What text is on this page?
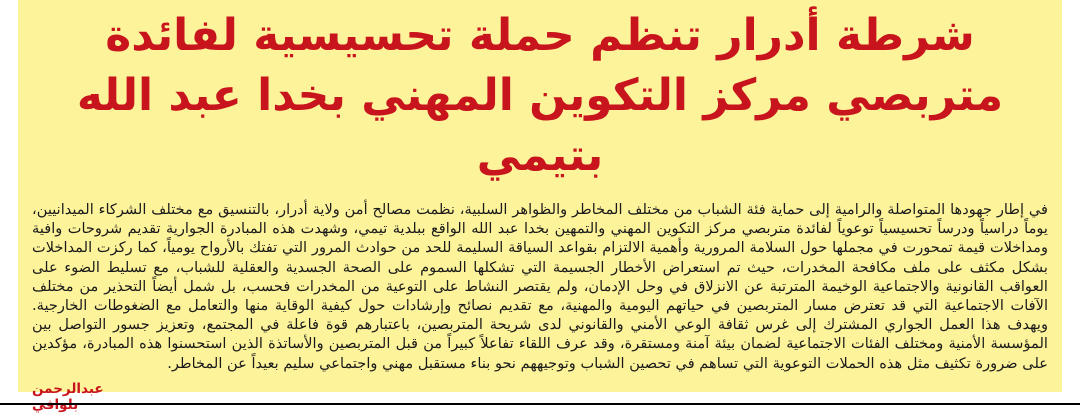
شرطة أدرار تنظم حملة تحسيسية لفائدة متربصي مركز التكوين المهني بخدا عبد الله بتيمي
في إطار جهودها المتواصلة والرامية إلى حماية فئة الشباب من مختلف المخاطر والظواهر السلبية، نظمت مصالح أمن ولاية أدرار، بالتنسيق مع مختلف الشركاء الميدانيين، يوماً دراسياً ودرساً تحسيسياً توعوياً لفائدة متربصي مركز التكوين المهني والتمهين بخدا عبد الله الواقع ببلدية تيمي، وشهدت هذه المبادرة الجوارية تقديم شروحات وافية ومداخلات قيمة تمحورت في مجملها حول السلامة المرورية وأهمية الالتزام بقواعد السياقة السليمة للحد من حوادث المرور التي تفتك بالأرواح يومياً، كما ركزت المداخلات بشكل مكثف على ملف مكافحة المخدرات، حيث تم استعراض الأخطار الجسيمة التي تشكلها السموم على الصحة الجسدية والعقلية للشباب، مع تسليط الضوء على العواقب القانونية والاجتماعية الوخيمة المترتبة عن الانزلاق في وحل الإدمان، ولم يقتصر النشاط على التوعية من المخدرات فحسب، بل شمل أيضاً التحذير من مختلف الآفات الاجتماعية التي قد تعترض مسار المتربصين في حياتهم اليومية والمهنية، مع تقديم نصائح وإرشادات حول كيفية الوقاية منها والتعامل مع الضغوطات الخارجية. ويهدف هذا العمل الجواري المشترك إلى غرس ثقافة الوعي الأمني والقانوني لدى شريحة المتربصين، باعتبارهم قوة فاعلة في المجتمع، وتعزيز جسور التواصل بين المؤسسة الأمنية ومختلف الفئات الاجتماعية لضمان بيئة آمنة ومستقرة، وقد عرف اللقاء تفاعلاً كبيراً من قبل المتربصين والأساتذة الذين استحسنوا هذه المبادرة، مؤكدين على ضرورة تكثيف مثل هذه الحملات التوعوية التي تساهم في تحصين الشباب وتوجيههم نحو بناء مستقبل مهني واجتماعي سليم بعيداً عن المخاطر.
عبدالرحمن
